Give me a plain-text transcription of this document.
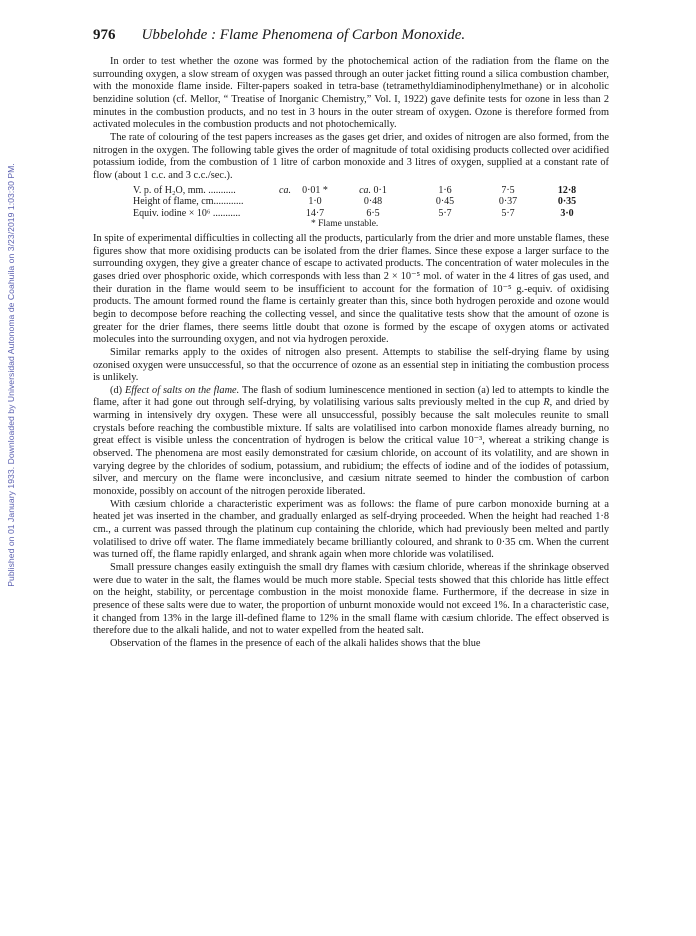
Published on 01 January 1933. Downloaded by Universidad Autonoma de Coahuila on 3/23/2019 1:03:30 PM.
976 Ubbelohde : Flame Phenomena of Carbon Monoxide.

In order to test whether the ozone was formed by the photochemical action of the radiation from the flame on the surrounding oxygen, a slow stream of oxygen was passed through an outer jacket fitting round a silica combustion chamber, with the monoxide flame inside. Filter-papers soaked in tetra-base (tetramethyldiaminodiphenylmethane) or in alcoholic benzidine solution (cf. Mellor, “ Treatise of Inorganic Chemistry,” Vol. I, 1922) gave definite tests for ozone in less than 2 minutes in the combustion products, and no test in 3 hours in the outer stream of oxygen. Ozone is therefore formed from activated molecules in the combustion products and not photochemically.

The rate of colouring of the test papers increases as the gases get drier, and oxides of nitrogen are also formed, from the nitrogen in the oxygen. The following table gives the order of magnitude of total oxidising products collected over acidified potassium iodide, from the combustion of 1 litre of carbon monoxide and 3 litres of oxygen, supplied at a constant rate of flow (about 1 c.c. and 3 c.c./sec.).

V. p. of H₂O, mm. ...........	ca.	0·01 *	ca. 0·1	1·6	7·5	12·8
Height of flame, cm............		1·0	0·48	0·45	0·37	0·35
Equiv. iodine × 10⁶ ...........		14·7	6·5	5·7	5·7	3·0
* Flame unstable.

In spite of experimental difficulties in collecting all the products, particularly from the drier and more unstable flames, these figures show that more oxidising products can be isolated from the drier flames. Since these expose a larger surface to the surrounding oxygen, they give a greater chance of escape to activated products. The concentration of water molecules in the gases dried over phosphoric oxide, which corresponds with less than 2 × 10⁻⁵ mol. of water in the 4 litres of gas used, and their duration in the flame would seem to be insufficient to account for the formation of 10⁻⁵ g.-equiv. of oxidising products. The amount formed round the flame is certainly greater than this, since both hydrogen peroxide and ozone would begin to decompose before reaching the collecting vessel, and since the qualitative tests show that the amount of ozone is greater for the drier flames, there seems little doubt that ozone is formed by the escape of oxygen atoms or activated molecules into the surrounding oxygen, and not via hydrogen peroxide.

Similar remarks apply to the oxides of nitrogen also present. Attempts to stabilise the self-drying flame by using ozonised oxygen were unsuccessful, so that the occurrence of ozone as an essential step in initiating the combustion process is unlikely.

(d) Effect of salts on the flame. The flash of sodium luminescence mentioned in section (a) led to attempts to kindle the flame, after it had gone out through self-drying, by volatilising various salts previously melted in the cup R, and dried by warming in intensively dry oxygen. These were all unsuccessful, possibly because the salt molecules reunite to small crystals before reaching the combustible mixture. If salts are volatilised into carbon monoxide flames already burning, no great effect is visible unless the concentration of hydrogen is below the critical value 10⁻³, whereat a striking change is observed. The phenomena are most easily demonstrated for cæsium chloride, on account of its volatility, and are shown in varying degree by the chlorides of sodium, potassium, and rubidium; the effects of iodine and of the iodides of potassium, silver, and mercury on the flame were inconclusive, and cæsium nitrate seemed to hinder the combustion of carbon monoxide, possibly on account of the nitrogen peroxide liberated.

With cæsium chloride a characteristic experiment was as follows: the flame of pure carbon monoxide burning at a heated jet was inserted in the chamber, and gradually enlarged as self-drying proceeded. When the height had reached 1·8 cm., a current was passed through the platinum cup containing the chloride, which had previously been melted and partly volatilised to drive off water. The flame immediately became brilliantly coloured, and shrank to 0·35 cm. When the current was turned off, the flame rapidly enlarged, and shrank again when more chloride was volatilised.

Small pressure changes easily extinguish the small dry flames with cæsium chloride, whereas if the shrinkage observed were due to water in the salt, the flames would be much more stable. Special tests showed that this chloride has little effect on the height, stability, or percentage combustion in the moist monoxide flame. Furthermore, if the decrease in size in presence of these salts were due to water, the proportion of unburnt monoxide would not exceed 1%. In a characteristic case, it changed from 13% in the large ill-defined flame to 12% in the small flame with cæsium chloride. The effect observed is therefore due to the alkali halide, and not to water expelled from the heated salt.

Observation of the flames in the presence of each of the alkali halides shows that the blue
